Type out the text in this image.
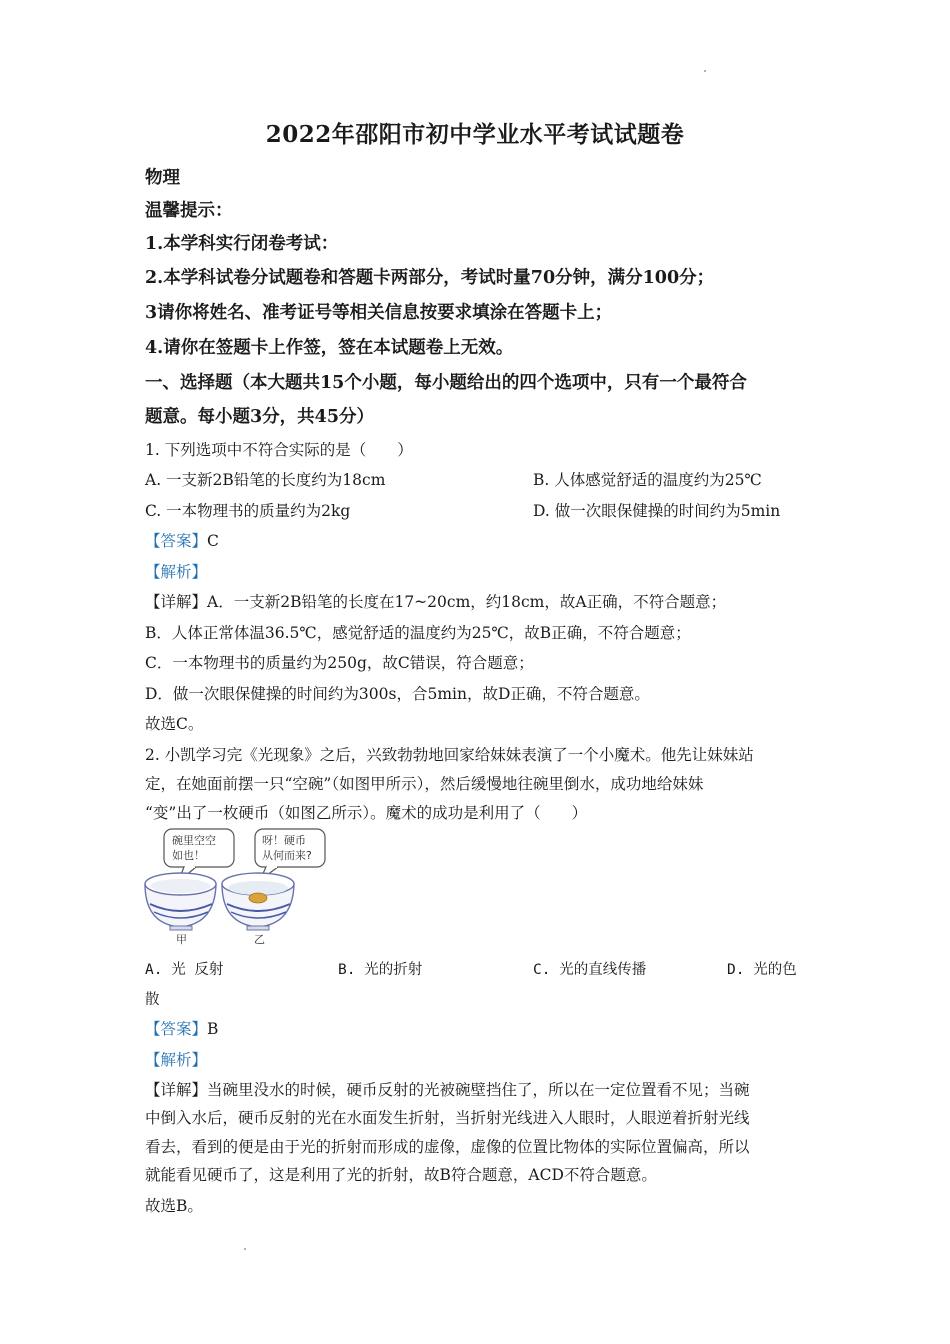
2022年邵阳市初中学业水平考试试题卷
物理
温馨提示：
1.本学科实行闭卷考试：
2.本学科试卷分试题卷和答题卡两部分，考试时量70分钟，满分100分；
3请你将姓名、准考证号等相关信息按要求填涂在答题卡上；
4.请你在签题卡上作签，签在本试题卷上无效。
一、选择题（本大题共15个小题，每小题给出的四个选项中，只有一个最符合
题意。每小题3分，共45分）
1. 下列选项中不符合实际的是（　　）
A. 一支新2B铅笔的长度约为18cm	B. 人体感觉舒适的温度约为25℃
C. 一本物理书的质量约为2kg	D. 做一次眼保健操的时间约为5min
【答案】C
【解析】
【详解】A．一支新2B铅笔的长度在17~20cm，约18cm，故A正确，不符合题意；
B．人体正常体温36.5℃，感觉舒适的温度约为25℃，故B正确，不符合题意；
C．一本物理书的质量约为250g，故C错误，符合题意；
D．做一次眼保健操的时间约为300s，合5min，故D正确，不符合题意。
故选C。
2. 小凯学习完《光现象》之后，兴致勃勃地回家给妹妹表演了一个小魔术。他先让妹妹站
定，在她面前摆一只“空碗”（如图甲所示），然后缓慢地往碗里倒水，成功地给妹妹
“变”出了一枚硬币（如图乙所示）。魔术的成功是利用了（　　）
碗里空空
如也！
呀！硬币
从何而来?
甲	乙
A. 光 反射	B. 光的折射	C. 光的直线传播	D. 光的色
散
【答案】B
【解析】
【详解】当碗里没水的时候，硬币反射的光被碗壁挡住了，所以在一定位置看不见；当碗
中倒入水后，硬币反射的光在水面发生折射，当折射光线进入人眼时，人眼逆着折射光线
看去，看到的便是由于光的折射而形成的虚像，虚像的位置比物体的实际位置偏高，所以
就能看见硬币了，这是利用了光的折射，故B符合题意，ACD不符合题意。
故选B。
